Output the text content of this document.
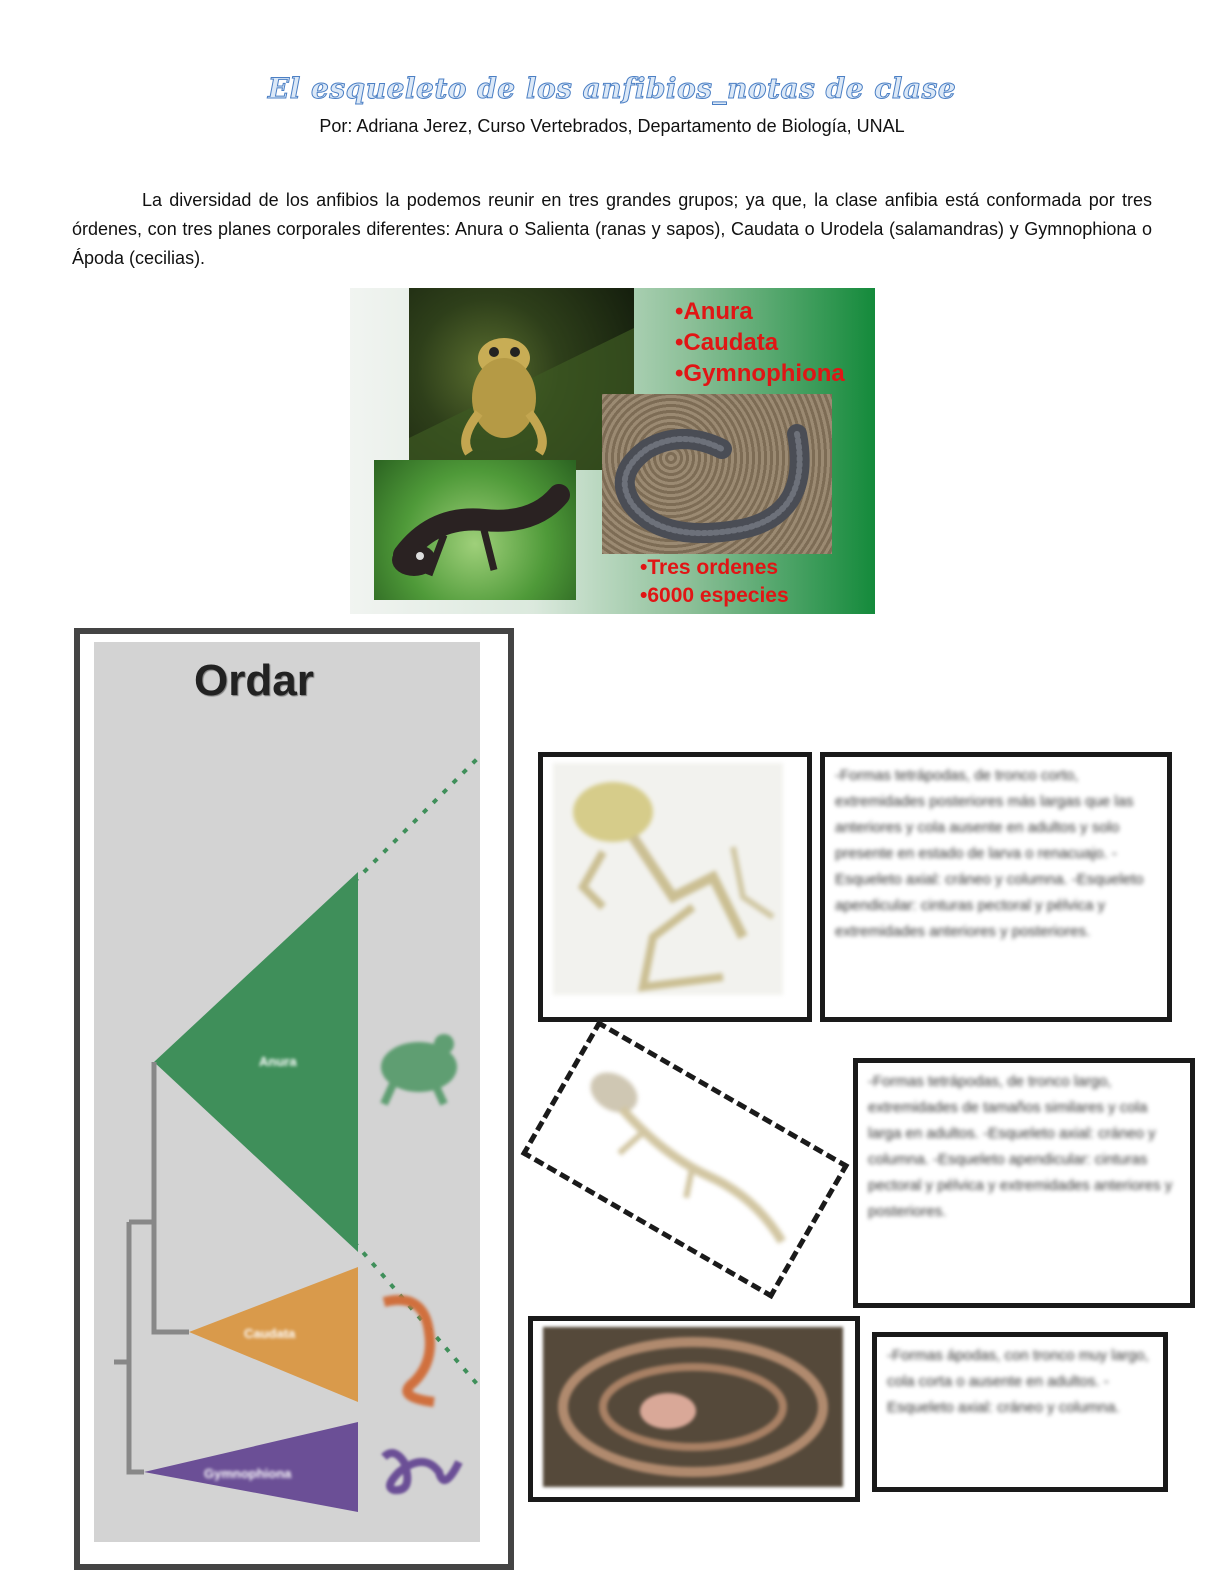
El esqueleto de los anfibios_notas de clase
Por: Adriana Jerez, Curso Vertebrados, Departamento de Biología, UNAL
La diversidad de los anfibios la podemos reunir en tres grandes grupos; ya que, la clase anfibia está conformada por tres órdenes, con tres planes corporales diferentes: Anura o Salienta (ranas y sapos), Caudata o Urodela (salamandras) y Gymnophiona o Ápoda (cecilias).
•Anura
•Caudata
•Gymnophiona
•Tres ordenes
•6000 especies
Ordar
Anura
Caudata
Gymnophiona
-Formas tetrápodas, de tronco corto, extremidades posteriores más largas que las anteriores y cola ausente en adultos y solo presente en estado de larva o renacuajo. -Esqueleto axial: cráneo y columna. -Esqueleto apendicular: cinturas pectoral y pélvica y extremidades anteriores y posteriores.
-Formas tetrápodas, de tronco largo, extremidades de tamaños similares y cola larga en adultos. -Esqueleto axial: cráneo y columna. -Esqueleto apendicular: cinturas pectoral y pélvica y extremidades anteriores y posteriores.
-Formas ápodas, con tronco muy largo, cola corta o ausente en adultos. -Esqueleto axial: cráneo y columna.
